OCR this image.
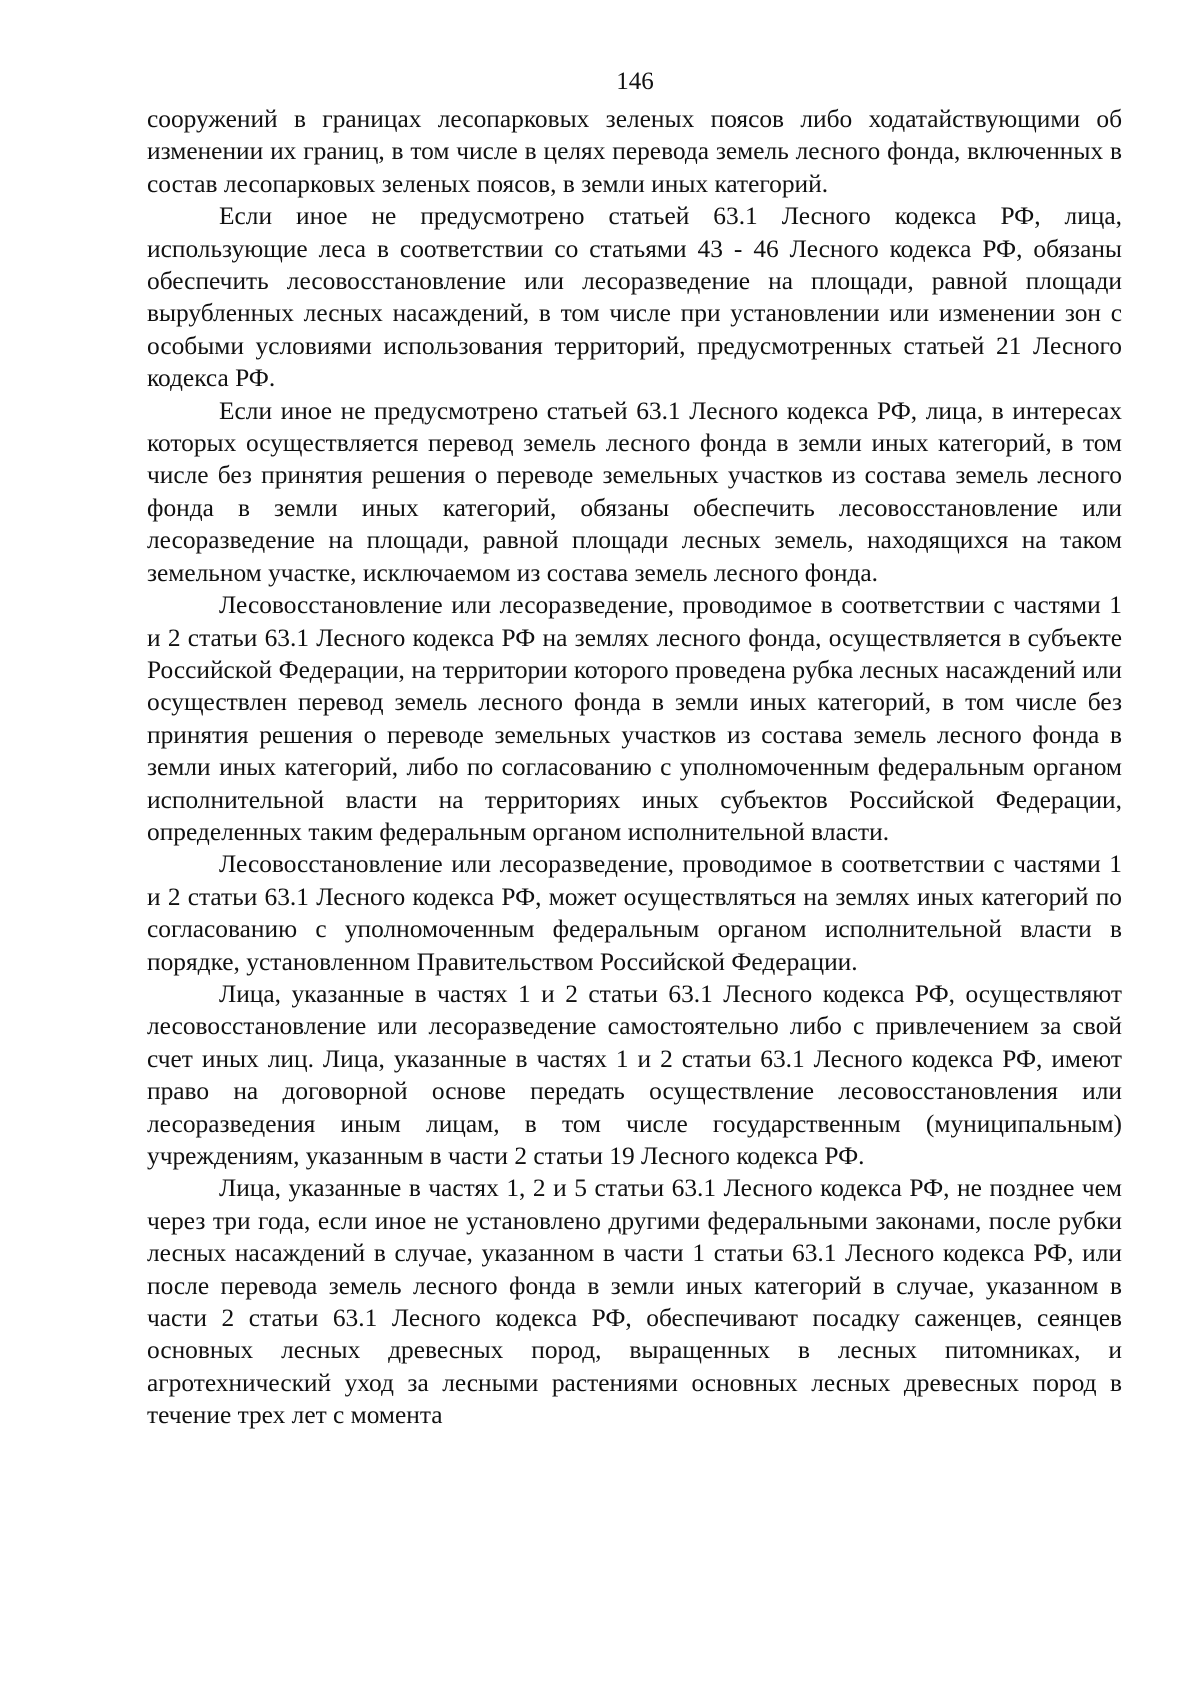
146

сооружений в границах лесопарковых зеленых поясов либо ходатайствующими об изменении их границ, в том числе в целях перевода земель лесного фонда, включенных в состав лесопарковых зеленых поясов, в земли иных категорий.

Если иное не предусмотрено статьей 63.1 Лесного кодекса РФ, лица, использующие леса в соответствии со статьями 43 - 46 Лесного кодекса РФ, обязаны обеспечить лесовосстановление или лесоразведение на площади, равной площади вырубленных лесных насаждений, в том числе при установлении или изменении зон с особыми условиями использования территорий, предусмотренных статьей 21 Лесного кодекса РФ.

Если иное не предусмотрено статьей 63.1 Лесного кодекса РФ, лица, в интересах которых осуществляется перевод земель лесного фонда в земли иных категорий, в том числе без принятия решения о переводе земельных участков из состава земель лесного фонда в земли иных категорий, обязаны обеспечить лесовосстановление или лесоразведение на площади, равной площади лесных земель, находящихся на таком земельном участке, исключаемом из состава земель лесного фонда.

Лесовосстановление или лесоразведение, проводимое в соответствии с частями 1 и 2 статьи 63.1 Лесного кодекса РФ на землях лесного фонда, осуществляется в субъекте Российской Федерации, на территории которого проведена рубка лесных насаждений или осуществлен перевод земель лесного фонда в земли иных категорий, в том числе без принятия решения о переводе земельных участков из состава земель лесного фонда в земли иных категорий, либо по согласованию с уполномоченным федеральным органом исполнительной власти на территориях иных субъектов Российской Федерации, определенных таким федеральным органом исполнительной власти.

Лесовосстановление или лесоразведение, проводимое в соответствии с частями 1 и 2 статьи 63.1 Лесного кодекса РФ, может осуществляться на землях иных категорий по согласованию с уполномоченным федеральным органом исполнительной власти в порядке, установленном Правительством Российской Федерации.

Лица, указанные в частях 1 и 2 статьи 63.1 Лесного кодекса РФ, осуществляют лесовосстановление или лесоразведение самостоятельно либо с привлечением за свой счет иных лиц. Лица, указанные в частях 1 и 2 статьи 63.1 Лесного кодекса РФ, имеют право на договорной основе передать осуществление лесовосстановления или лесоразведения иным лицам, в том числе государственным (муниципальным) учреждениям, указанным в части 2 статьи 19 Лесного кодекса РФ.

Лица, указанные в частях 1, 2 и 5 статьи 63.1 Лесного кодекса РФ, не позднее чем через три года, если иное не установлено другими федеральными законами, после рубки лесных насаждений в случае, указанном в части 1 статьи 63.1 Лесного кодекса РФ, или после перевода земель лесного фонда в земли иных категорий в случае, указанном в части 2 статьи 63.1 Лесного кодекса РФ, обеспечивают посадку саженцев, сеянцев основных лесных древесных пород, выращенных в лесных питомниках, и агротехнический уход за лесными растениями основных лесных древесных пород в течение трех лет с момента
